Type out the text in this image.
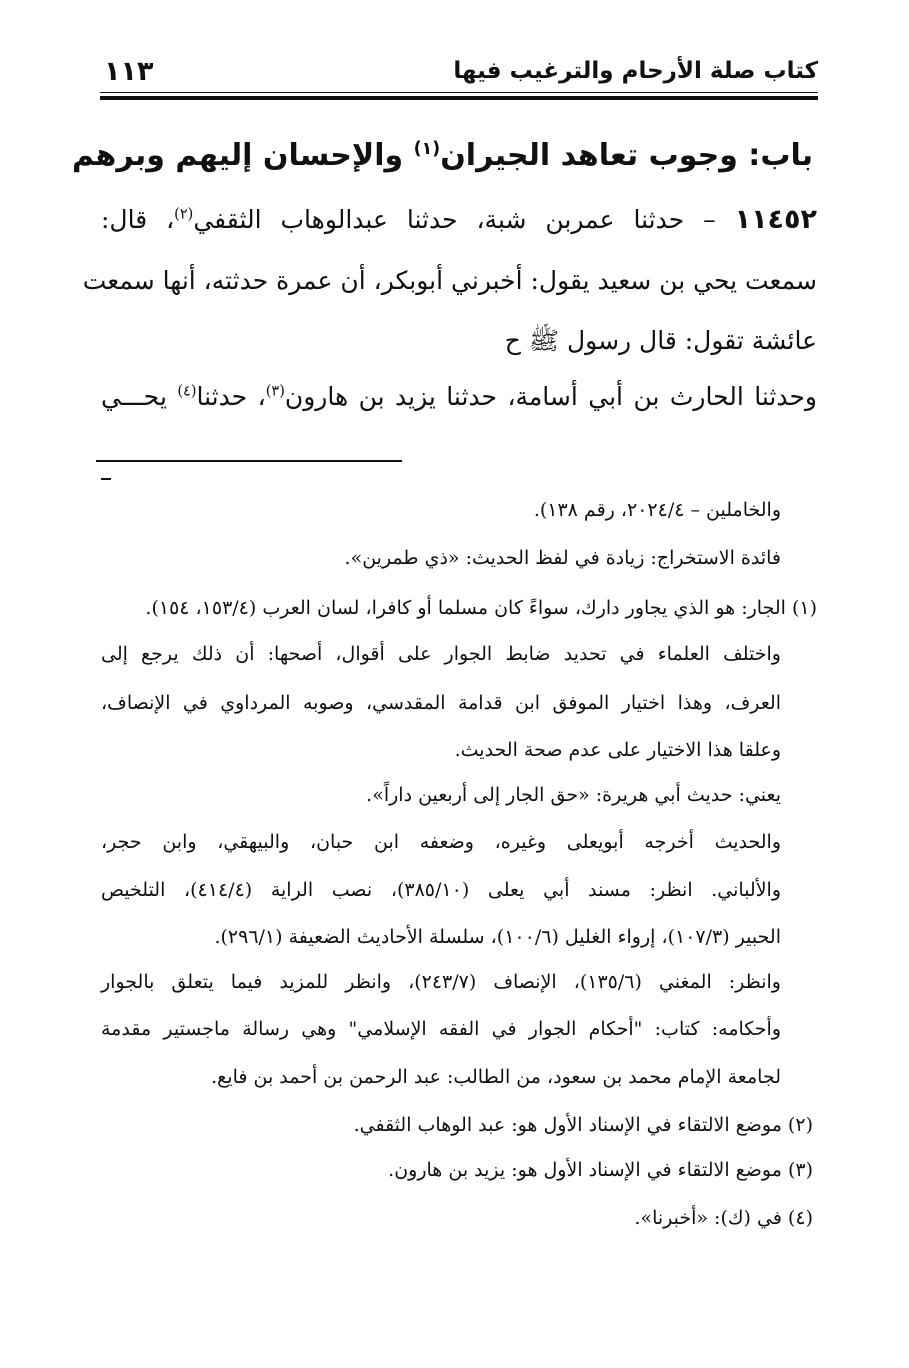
كتاب صلة الأرحام والترغيب فيها
١١٣
باب: وجوب تعاهد الجيران$^{(١)}$ والإحسان إليهم وبرهم
١١٤٥٢ – حدثنا عمربن شبة، حدثنا عبدالوهاب الثقفي$^{(٢)}$، قال:
سمعت يحي بن سعيد يقول: أخبرني أبوبكر، أن عمرة حدثته، أنها سمعت
عائشة تقول: قال رسول ﷺ ح
وحدثنا الحارث بن أبي أسامة، حدثنا يزيد بن هارون$^{(٣)}$، حدثنا$^{(٤)}$ يحـــي
والخاملين – ٢٠٢٤/٤، رقم ١٣٨).
فائدة الاستخراج: زيادة في لفظ الحديث: «ذي طمرين».
(١) الجار: هو الذي يجاور دارك، سواءً كان مسلما أو كافرا، لسان العرب (١٥٣/٤، ١٥٤).
واختلف العلماء في تحديد ضابط الجوار على أقوال، أصحها: أن ذلك يرجع إلى
العرف، وهذا اختيار الموفق ابن قدامة المقدسي، وصوبه المرداوي في الإنصاف،
وعلقا هذا الاختيار على عدم صحة الحديث.
يعني: حديث أبي هريرة: «حق الجار إلى أربعين داراً».
والحديث أخرجه أبويعلى وغيره، وضعفه ابن حبان، والبيهقي، وابن حجر،
والألباني. انظر: مسند أبي يعلى (٣٨٥/١٠)، نصب الراية (٤١٤/٤)، التلخيص
الحبير (١٠٧/٣)، إرواء الغليل (١٠٠/٦)، سلسلة الأحاديث الضعيفة (٢٩٦/١).
وانظر: المغني (١٣٥/٦)، الإنصاف (٢٤٣/٧)، وانظر للمزيد فيما يتعلق بالجوار
وأحكامه: كتاب: "أحكام الجوار في الفقه الإسلامي" وهي رسالة ماجستير مقدمة
لجامعة الإمام محمد بن سعود، من الطالب: عبد الرحمن بن أحمد بن فايع.
(٢) موضع الالتقاء في الإسناد الأول هو: عبد الوهاب الثقفي.
(٣) موضع الالتقاء في الإسناد الأول هو: يزيد بن هارون.
(٤) في (ك): «أخبرنا».
